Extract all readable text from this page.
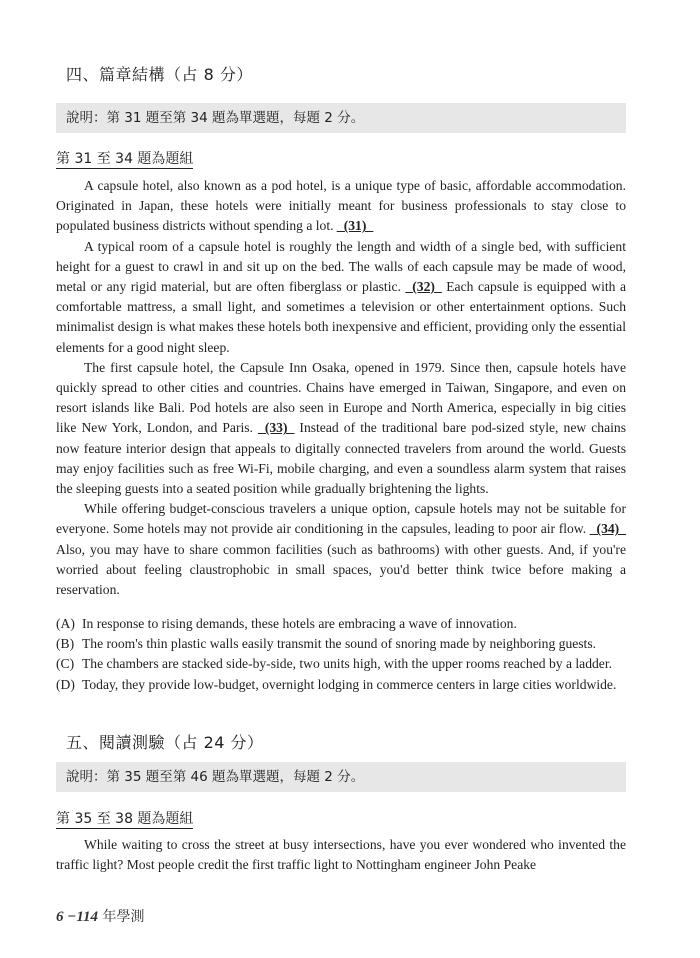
四、篇章結構（占 8 分）
說明：第 31 題至第 34 題為單選題，每題 2 分。
第 31 至 34 題為題組

A capsule hotel, also known as a pod hotel, is a unique type of basic, affordable accommodation. Originated in Japan, these hotels were initially meant for business professionals to stay close to populated business districts without spending a lot. _(31)_

A typical room of a capsule hotel is roughly the length and width of a single bed, with sufficient height for a guest to crawl in and sit up on the bed. The walls of each capsule may be made of wood, metal or any rigid material, but are often fiberglass or plastic. _(32)_ Each capsule is equipped with a comfortable mattress, a small light, and sometimes a television or other entertainment options. Such minimalist design is what makes these hotels both inexpensive and efficient, providing only the essential elements for a good night sleep.

The first capsule hotel, the Capsule Inn Osaka, opened in 1979. Since then, capsule hotels have quickly spread to other cities and countries. Chains have emerged in Taiwan, Singapore, and even on resort islands like Bali. Pod hotels are also seen in Europe and North America, especially in big cities like New York, London, and Paris. _(33)_ Instead of the traditional bare pod-sized style, new chains now feature interior design that appeals to digitally connected travelers from around the world. Guests may enjoy facilities such as free Wi-Fi, mobile charging, and even a soundless alarm system that raises the sleeping guests into a seated position while gradually brightening the lights.

While offering budget-conscious travelers a unique option, capsule hotels may not be suitable for everyone. Some hotels may not provide air conditioning in the capsules, leading to poor air flow. _(34)_ Also, you may have to share common facilities (such as bathrooms) with other guests. And, if you're worried about feeling claustrophobic in small spaces, you'd better think twice before making a reservation.

(A) In response to rising demands, these hotels are embracing a wave of innovation.
(B) The room's thin plastic walls easily transmit the sound of snoring made by neighboring guests.
(C) The chambers are stacked side-by-side, two units high, with the upper rooms reached by a ladder.
(D) Today, they provide low-budget, overnight lodging in commerce centers in large cities worldwide.
五、閱讀測驗（占 24 分）
說明：第 35 題至第 46 題為單選題，每題 2 分。
第 35 至 38 題為題組

While waiting to cross the street at busy intersections, have you ever wondered who invented the traffic light? Most people credit the first traffic light to Nottingham engineer John Peake

6 −114 年學測
